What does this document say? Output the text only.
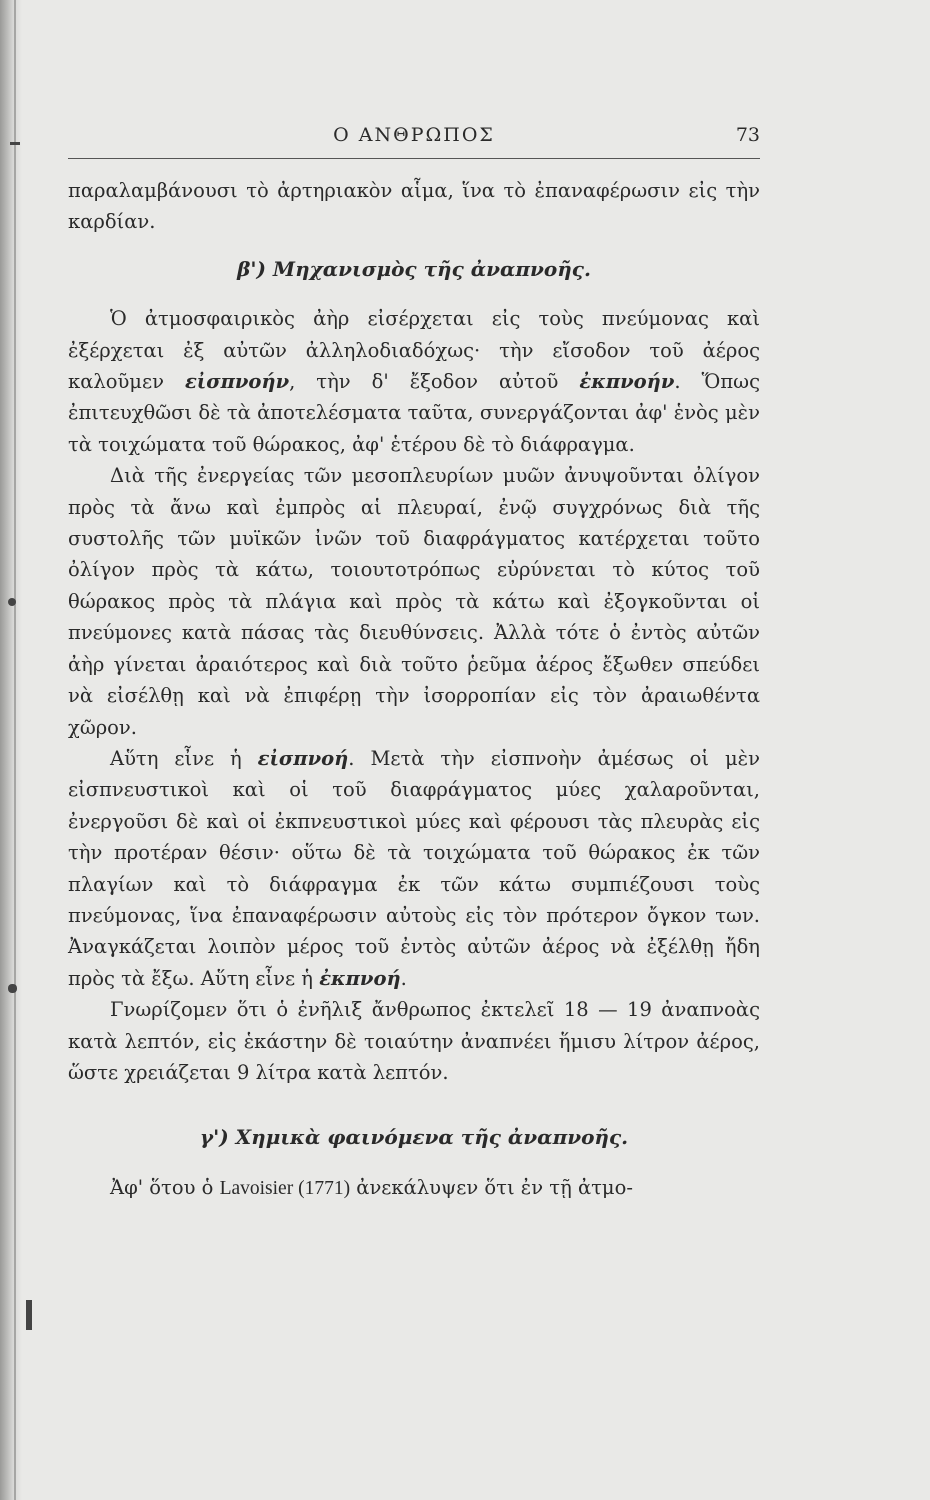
Ο ΑΝΘΡΩΠΟΣ	73

παραλαμβάνουσι τὸ ἀρτηριακὸν αἷμα, ἵνα τὸ ἐπαναφέρωσιν εἰς τὴν καρδίαν.

β') Μηχανισμὸς τῆς ἀναπνοῆς.

Ὁ ἀτμοσφαιρικὸς ἀὴρ εἰσέρχεται εἰς τοὺς πνεύμονας καὶ ἐξέρχεται ἐξ αὐτῶν ἀλληλοδιαδόχως· τὴν εἴσοδον τοῦ ἀέρος καλοῦμεν εἰσπνοήν, τὴν δ' ἔξοδον αὐτοῦ ἐκπνοήν. Ὅπως ἐπιτευχθῶσι δὲ τὰ ἀποτελέσματα ταῦτα, συνεργάζονται ἀφ' ἑνὸς μὲν τὰ τοιχώματα τοῦ θώρακος, ἀφ' ἑτέρου δὲ τὸ διάφραγμα.

Διὰ τῆς ἐνεργείας τῶν μεσοπλευρίων μυῶν ἀνυψοῦνται ὀλίγον πρὸς τὰ ἄνω καὶ ἐμπρὸς αἱ πλευραί, ἐνῷ συγχρόνως διὰ τῆς συστολῆς τῶν μυϊκῶν ἰνῶν τοῦ διαφράγματος κατέρχεται τοῦτο ὀλίγον πρὸς τὰ κάτω, τοιουτοτρόπως εὐρύνεται τὸ κύτος τοῦ θώρακος πρὸς τὰ πλάγια καὶ πρὸς τὰ κάτω καὶ ἐξογκοῦνται οἱ πνεύμονες κατὰ πάσας τὰς διευθύνσεις. Ἀλλὰ τότε ὁ ἐντὸς αὐτῶν ἀὴρ γίνεται ἀραιότερος καὶ διὰ τοῦτο ῥεῦμα ἀέρος ἔξωθεν σπεύδει νὰ εἰσέλθῃ καὶ νὰ ἐπιφέρῃ τὴν ἰσορροπίαν εἰς τὸν ἀραιωθέντα χῶρον.

Αὕτη εἶνε ἡ εἰσπνοή. Μετὰ τὴν εἰσπνοὴν ἀμέσως οἱ μὲν εἰσπνευστικοὶ καὶ οἱ τοῦ διαφράγματος μύες χαλαροῦνται, ἐνεργοῦσι δὲ καὶ οἱ ἐκπνευστικοὶ μύες καὶ φέρουσι τὰς πλευρὰς εἰς τὴν προτέραν θέσιν· οὕτω δὲ τὰ τοιχώματα τοῦ θώρακος ἐκ τῶν πλαγίων καὶ τὸ διάφραγμα ἐκ τῶν κάτω συμπιέζουσι τοὺς πνεύμονας, ἵνα ἐπαναφέρωσιν αὐτοὺς εἰς τὸν πρότερον ὄγκον των. Ἀναγκάζεται λοιπὸν μέρος τοῦ ἐντὸς αὐτῶν ἀέρος νὰ ἐξέλθῃ ἤδη πρὸς τὰ ἔξω. Αὕτη εἶνε ἡ ἐκπνοή.

Γνωρίζομεν ὅτι ὁ ἐνῆλιξ ἄνθρωπος ἐκτελεῖ 18 — 19 ἀναπνοὰς κατὰ λεπτόν, εἰς ἑκάστην δὲ τοιαύτην ἀναπνέει ἥμισυ λίτρον ἀέρος, ὥστε χρειάζεται 9 λίτρα κατὰ λεπτόν.

γ') Χημικὰ φαινόμενα τῆς ἀναπνοῆς.

Ἀφ' ὅτου ὁ Lavoisier (1771) ἀνεκάλυψεν ὅτι ἐν τῇ ἀτμο-
